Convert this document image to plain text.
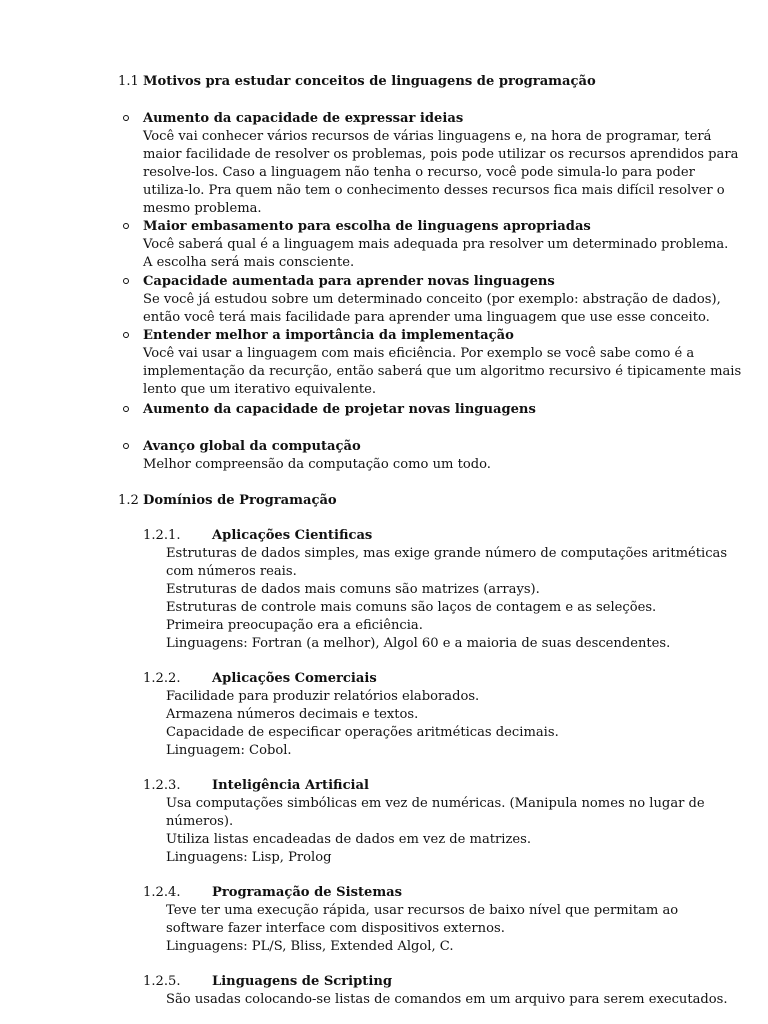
1.1 Motivos pra estudar conceitos de linguagens de programação
Aumento da capacidade de expressar ideias
Você vai conhecer vários recursos de várias linguagens e, na hora de programar, terá
maior facilidade de resolver os problemas, pois pode utilizar os recursos aprendidos para
resolve-los. Caso a linguagem não tenha o recurso, você pode simula-lo para poder
utiliza-lo. Pra quem não tem o conhecimento desses recursos fica mais difícil resolver o
mesmo problema.
Maior embasamento para escolha de linguagens apropriadas
Você saberá qual é a linguagem mais adequada pra resolver um determinado problema.
A escolha será mais consciente.
Capacidade aumentada para aprender novas linguagens
Se você já estudou sobre um determinado conceito (por exemplo: abstração de dados),
então você terá mais facilidade para aprender uma linguagem que use esse conceito.
Entender melhor a importância da implementação
Você vai usar a linguagem com mais eficiência. Por exemplo se você sabe como é a
implementação da recurção, então saberá que um algoritmo recursivo é tipicamente mais
lento que um iterativo equivalente.
Aumento da capacidade de projetar novas linguagens
Avanço global da computação
Melhor compreensão da computação como um todo.
1.2 Domínios de Programação
1.2.1. Aplicações Cientificas
Estruturas de dados simples, mas exige grande número de computações aritméticas
com números reais.
Estruturas de dados mais comuns são matrizes (arrays).
Estruturas de controle mais comuns são laços de contagem e as seleções.
Primeira preocupação era a eficiência.
Linguagens: Fortran (a melhor), Algol 60 e a maioria de suas descendentes.
1.2.2. Aplicações Comerciais
Facilidade para produzir relatórios elaborados.
Armazena números decimais e textos.
Capacidade de especificar operações aritméticas decimais.
Linguagem: Cobol.
1.2.3. Inteligência Artificial
Usa computações simbólicas em vez de numéricas. (Manipula nomes no lugar de
números).
Utiliza listas encadeadas de dados em vez de matrizes.
Linguagens: Lisp, Prolog
1.2.4. Programação de Sistemas
Teve ter uma execução rápida, usar recursos de baixo nível que permitam ao
software fazer interface com dispositivos externos.
Linguagens: PL/S, Bliss, Extended Algol, C.
1.2.5. Linguagens de Scripting
São usadas colocando-se listas de comandos em um arquivo para serem executados.
